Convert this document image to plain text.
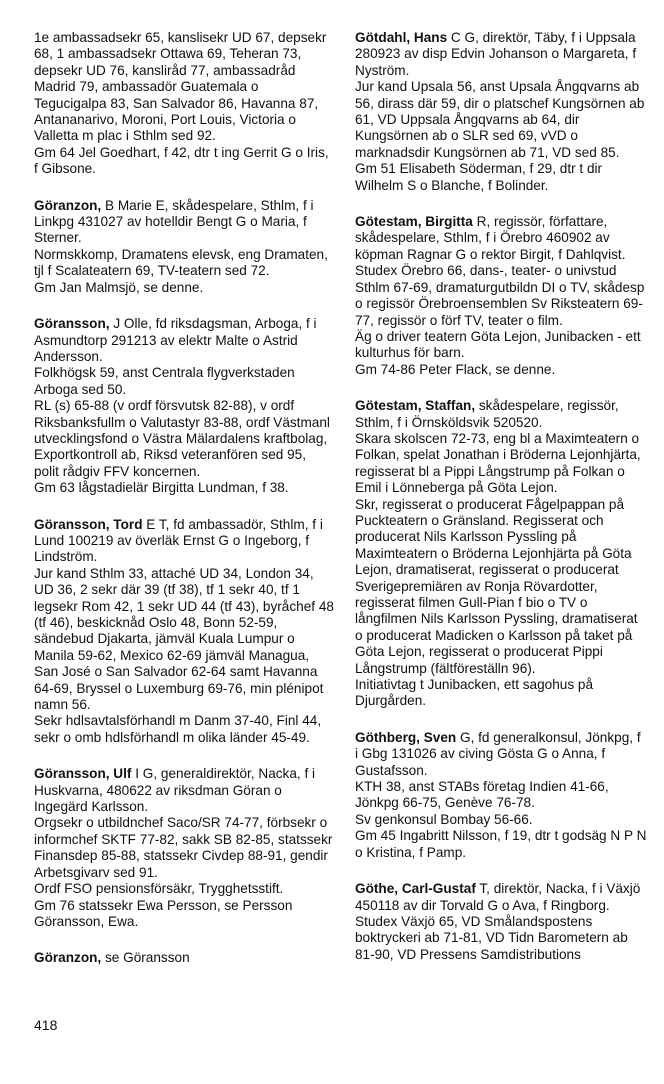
1e ambassadsekr 65, kanslisekr UD 67, depsekr 68, 1 ambassadsekr Ottawa 69, Teheran 73, depsekr UD 76, kansliråd 77, ambassadråd Madrid 79, ambassadör Guatemala o Tegucigalpa 83, San Salvador 86, Havanna 87, Antananarivo, Moroni, Port Louis, Victoria o Valletta m plac i Sthlm sed 92.

Gm 64 Jel Goedhart, f 42, dtr t ing Gerrit G o Iris, f Gibsone.

Göranzon, B Marie E, skådespelare, Sthlm, f i Linkpg 431027 av hotelldir Bengt G o Maria, f Sterner.

Normskkomp, Dramatens elevsk, eng Dramaten, tjl f Scalateatern 69, TV-teatern sed 72.

Gm Jan Malmsjö, se denne.

Göransson, J Olle, fd riksdagsman, Arboga, f i Asmundtorp 291213 av elektr Malte o Astrid Andersson.

Folkhögsk 59, anst Centrala flygverkstaden Arboga sed 50.

RL (s) 65-88 (v ordf försvutsk 82-88), v ordf Riksbanksfullm o Valutastyr 83-88, ordf Västmanl utvecklingsfond o Västra Mälardalens kraftbolag, Exportkontroll ab, Riksd veteranfören sed 95, polit rådgiv FFV koncernen.

Gm 63 lågstadielär Birgitta Lundman, f 38.

Göransson, Tord E T, fd ambassadör, Sthlm, f i Lund 100219 av överläk Ernst G o Ingeborg, f Lindström.

Jur kand Sthlm 33, attaché UD 34, London 34, UD 36, 2 sekr där 39 (tf 38), tf 1 sekr 40, tf 1 legsekr Rom 42, 1 sekr UD 44 (tf 43), byråchef 48 (tf 46), beskicknåd Oslo 48, Bonn 52-59, sändebud Djakarta, jämväl Kuala Lumpur o Manila 59-62, Mexico 62-69 jämväl Managua, San José o San Salvador 62-64 samt Havanna 64-69, Bryssel o Luxemburg 69-76, min plénipot namn 56.

Sekr hdlsavtalsförhandl m Danm 37-40, Finl 44, sekr o omb hdlsförhandl m olika länder 45-49.

Göransson, Ulf I G, generaldirektör, Nacka, f i Huskvarna, 480622 av riksdman Göran o Ingegärd Karlsson.

Orgsekr o utbildnchef Saco/SR 74-77, förbsekr o informchef SKTF 77-82, sakk SB 82-85, statssekr Finansdep 85-88, statssekr Civdep 88-91, gendir Arbetsgivarv sed 91.

Ordf FSO pensionsförsäkr, Trygghetsstift.

Gm 76 statssekr Ewa Persson, se Persson Göransson, Ewa.

Göranzon, se Göransson

Götdahl, Hans C G, direktör, Täby, f i Uppsala 280923 av disp Edvin Johanson o Margareta, f Nyström.

Jur kand Upsala 56, anst Upsala Ångqvarns ab 56, dirass där 59, dir o platschef Kungsörnen ab 61, VD Uppsala Ångqvarns ab 64, dir Kungsörnen ab o SLR sed 69, vVD o marknadsdir Kungsörnen ab 71, VD sed 85.

Gm 51 Elisabeth Söderman, f 29, dtr t dir Wilhelm S o Blanche, f Bolinder.

Götestam, Birgitta R, regissör, författare, skådespelare, Sthlm, f i Örebro 460902 av köpman Ragnar G o rektor Birgit, f Dahlqvist.

Studex Örebro 66, dans-, teater- o univstud Sthlm 67-69, dramaturgutbildn DI o TV, skådesp o regissör Örebroensemblen Sv Riksteatern 69-77, regissör o förf TV, teater o film.

Äg o driver teatern Göta Lejon, Junibacken - ett kulturhus för barn.

Gm 74-86 Peter Flack, se denne.

Götestam, Staffan, skådespelare, regissör, Sthlm, f i Örnsköldsvik 520520.

Skara skolscen 72-73, eng bl a Maximteatern o Folkan, spelat Jonathan i Bröderna Lejonhjärta, regisserat bl a Pippi Långstrump på Folkan o Emil i Lönneberga på Göta Lejon.

Skr, regisserat o producerat Fågelpappan på Puckteatern o Gränsland. Regisserat och producerat Nils Karlsson Pyssling på Maximteatern o Bröderna Lejonhjärta på Göta Lejon, dramatiserat, regisserat o producerat Sverigepremiären av Ronja Rövardotter, regisserat filmen Gull-Pian f bio o TV o långfilmen Nils Karlsson Pyssling, dramatiserat o producerat Madicken o Karlsson på taket på Göta Lejon, regisserat o producerat Pippi Långstrump (fältföreställn 96).

Initiativtag t Junibacken, ett sagohus på Djurgården.

Göthberg, Sven G, fd generalkonsul, Jönkpg, f i Gbg 131026 av civing Gösta G o Anna, f Gustafsson.

KTH 38, anst STABs företag Indien 41-66, Jönkpg 66-75, Genève 76-78.

Sv genkonsul Bombay 56-66.

Gm 45 Ingabritt Nilsson, f 19, dtr t godsäg N P N o Kristina, f Pamp.

Göthe, Carl-Gustaf T, direktör, Nacka, f i Växjö 450118 av dir Torvald G o Ava, f Ringborg.

Studex Växjö 65, VD Smålandspostens boktryckeri ab 71-81, VD Tidn Barometern ab 81-90, VD Pressens Samdistributions

418
